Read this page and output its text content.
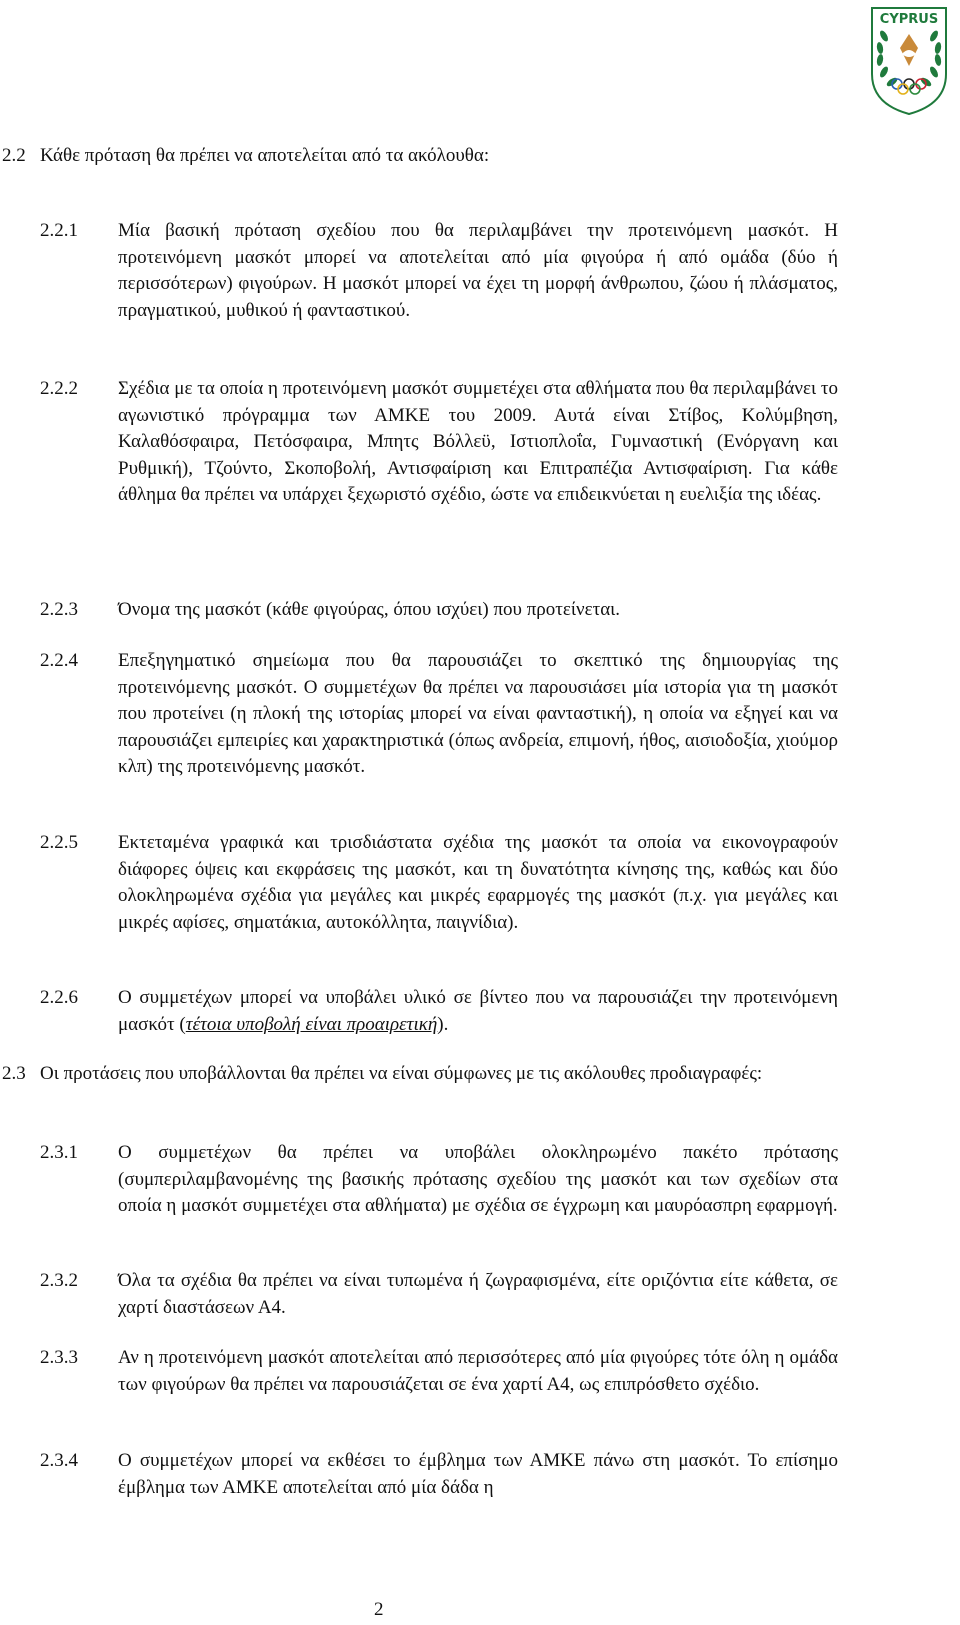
CYPRUS

2.2 Κάθε πρόταση θα πρέπει να αποτελείται από τα ακόλουθα:

2.2.1 Μία βασική πρόταση σχεδίου που θα περιλαμβάνει την προτεινόμενη μασκότ. Η προτεινόμενη μασκότ μπορεί να αποτελείται από μία φιγούρα ή από ομάδα (δύο ή περισσότερων) φιγούρων. Η μασκότ μπορεί να έχει τη μορφή άνθρωπου, ζώου ή πλάσματος, πραγματικού, μυθικού ή φανταστικού.
2.2.2 Σχέδια με τα οποία η προτεινόμενη μασκότ συμμετέχει στα αθλήματα που θα περιλαμβάνει το αγωνιστικό πρόγραμμα των ΑΜΚΕ του 2009. Αυτά είναι Στίβος, Κολύμβηση, Καλαθόσφαιρα, Πετόσφαιρα, Μπητς Βόλλεϋ, Ιστιοπλοΐα, Γυμναστική (Ενόργανη και Ρυθμική), Τζούντο, Σκοποβολή, Αντισφαίριση και Επιτραπέζια Αντισφαίριση. Για κάθε άθλημα θα πρέπει να υπάρχει ξεχωριστό σχέδιο, ώστε να επιδεικνύεται η ευελιξία της ιδέας.
2.2.3 Όνομα της μασκότ (κάθε φιγούρας, όπου ισχύει) που προτείνεται.
2.2.4 Επεξηγηματικό σημείωμα που θα παρουσιάζει το σκεπτικό της δημιουργίας της προτεινόμενης μασκότ. Ο συμμετέχων θα πρέπει να παρουσιάσει μία ιστορία για τη μασκότ που προτείνει (η πλοκή της ιστορίας μπορεί να είναι φανταστική), η οποία να εξηγεί και να παρουσιάζει εμπειρίες και χαρακτηριστικά (όπως ανδρεία, επιμονή, ήθος, αισιοδοξία, χιούμορ κλπ) της προτεινόμενης μασκότ.
2.2.5 Εκτεταμένα γραφικά και τρισδιάστατα σχέδια της μασκότ τα οποία να εικονογραφούν διάφορες όψεις και εκφράσεις της μασκότ, και τη δυνατότητα κίνησης της, καθώς και δύο ολοκληρωμένα σχέδια για μεγάλες και μικρές εφαρμογές της μασκότ (π.χ. για μεγάλες και μικρές αφίσες, σηματάκια, αυτοκόλλητα, παιγνίδια).
2.2.6 Ο συμμετέχων μπορεί να υποβάλει υλικό σε βίντεο που να παρουσιάζει την προτεινόμενη μασκότ (τέτοια υποβολή είναι προαιρετική).
2.3 Οι προτάσεις που υποβάλλονται θα πρέπει να είναι σύμφωνες με τις ακόλουθες προδιαγραφές:
2.3.1 Ο συμμετέχων θα πρέπει να υποβάλει ολοκληρωμένο πακέτο πρότασης (συμπεριλαμβανομένης της βασικής πρότασης σχεδίου της μασκότ και των σχεδίων στα οποία η μασκότ συμμετέχει στα αθλήματα) με σχέδια σε έγχρωμη και μαυρόασπρη εφαρμογή.
2.3.2 Όλα τα σχέδια θα πρέπει να είναι τυπωμένα ή ζωγραφισμένα, είτε οριζόντια είτε κάθετα, σε χαρτί διαστάσεων Α4.
2.3.3 Αν η προτεινόμενη μασκότ αποτελείται από περισσότερες από μία φιγούρες τότε όλη η ομάδα των φιγούρων θα πρέπει να παρουσιάζεται σε ένα χαρτί Α4, ως επιπρόσθετο σχέδιο.
2.3.4 Ο συμμετέχων μπορεί να εκθέσει το έμβλημα των ΑΜΚΕ πάνω στη μασκότ. Το επίσημο έμβλημα των ΑΜΚΕ αποτελείται από μία δάδα η
2
